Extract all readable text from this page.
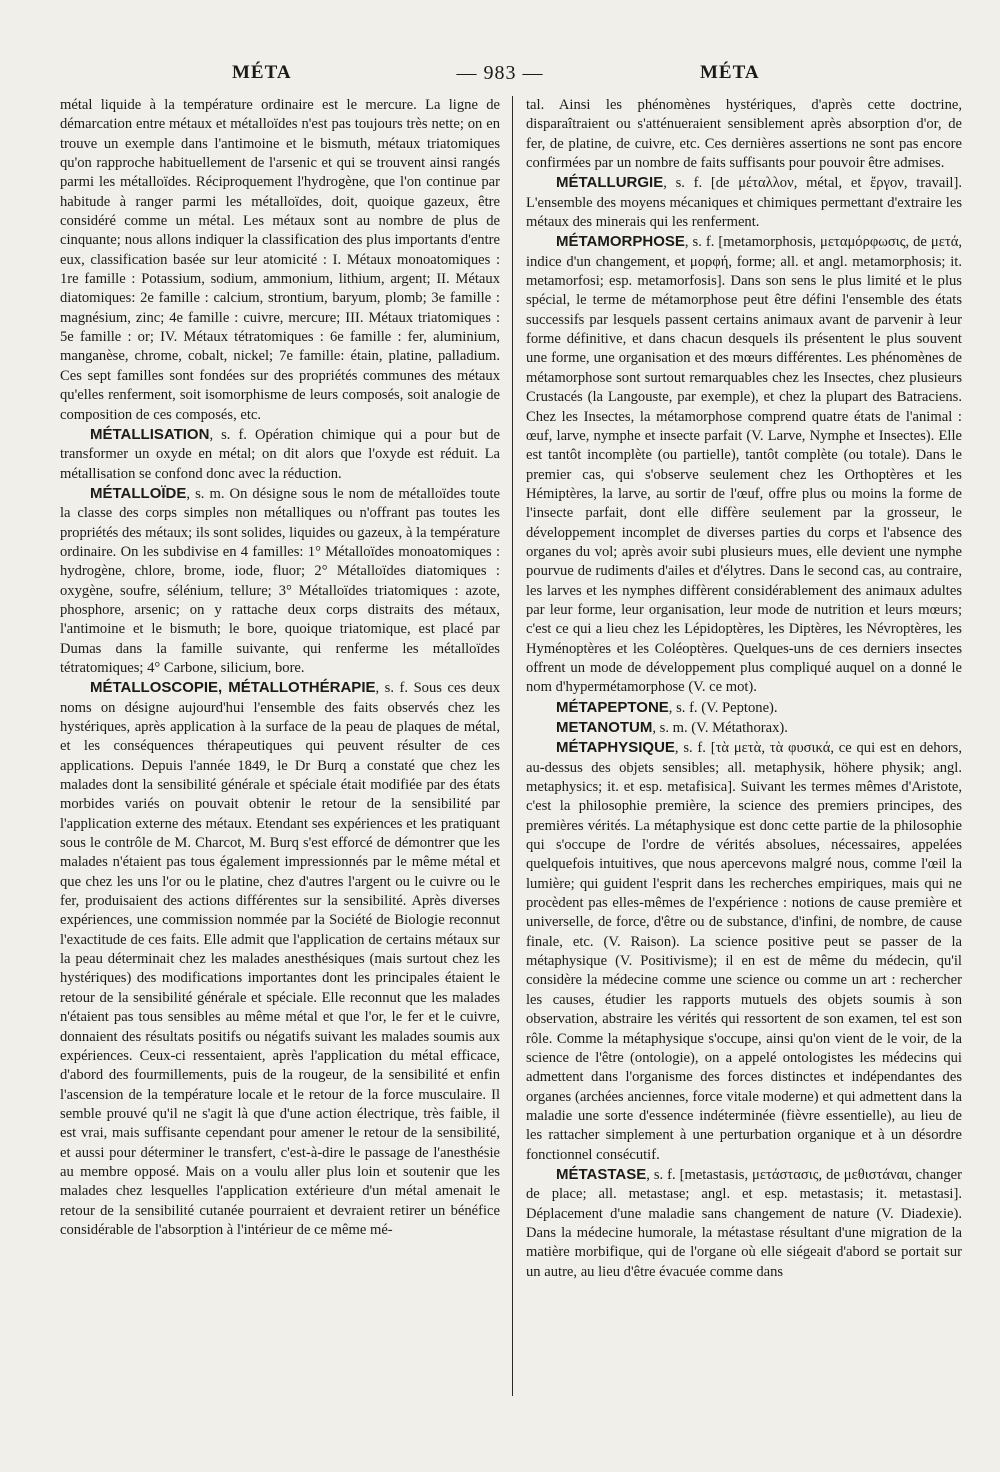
MÉTA	— 983 —	MÉTA

métal liquide à la température ordinaire est le mercure. La ligne de démarcation entre métaux et métalloïdes n'est pas toujours très nette; on en trouve un exemple dans l'antimoine et le bismuth, métaux triatomiques qu'on rapproche habituellement de l'arsenic et qui se trouvent ainsi rangés parmi les métalloïdes. Réciproquement l'hydrogène, que l'on continue par habitude à ranger parmi les métalloïdes, doit, quoique gazeux, être considéré comme un métal. Les métaux sont au nombre de plus de cinquante; nous allons indiquer la classification des plus importants d'entre eux, classification basée sur leur atomicité : I. Métaux monoatomiques : 1re famille : Potassium, sodium, ammonium, lithium, argent; II. Métaux diatomiques: 2e famille : calcium, strontium, baryum, plomb; 3e famille : magnésium, zinc; 4e famille : cuivre, mercure; III. Métaux triatomiques : 5e famille : or; IV. Métaux tétratomiques : 6e famille : fer, aluminium, manganèse, chrome, cobalt, nickel; 7e famille: étain, platine, palladium. Ces sept familles sont fondées sur des propriétés communes des métaux qu'elles renferment, soit isomorphisme de leurs composés, soit analogie de composition de ces composés, etc.

MÉTALLISATION, s. f. Opération chimique qui a pour but de transformer un oxyde en métal; on dit alors que l'oxyde est réduit. La métallisation se confond donc avec la réduction.

MÉTALLOÏDE, s. m. On désigne sous le nom de métalloïdes toute la classe des corps simples non métalliques ou n'offrant pas toutes les propriétés des métaux; ils sont solides, liquides ou gazeux, à la température ordinaire. On les subdivise en 4 familles: 1° Métalloïdes monoatomiques : hydrogène, chlore, brome, iode, fluor; 2° Métalloïdes diatomiques : oxygène, soufre, sélénium, tellure; 3° Métalloïdes triatomiques : azote, phosphore, arsenic; on y rattache deux corps distraits des métaux, l'antimoine et le bismuth; le bore, quoique triatomique, est placé par Dumas dans la famille suivante, qui renferme les métalloïdes tétratomiques; 4° Carbone, silicium, bore.

MÉTALLOSCOPIE, MÉTALLOTHÉRAPIE, s. f. Sous ces deux noms on désigne aujourd'hui l'ensemble des faits observés chez les hystériques, après application à la surface de la peau de plaques de métal, et les conséquences thérapeutiques qui peuvent résulter de ces applications. Depuis l'année 1849, le Dr Burq a constaté que chez les malades dont la sensibilité générale et spéciale était modifiée par des états morbides variés on pouvait obtenir le retour de la sensibilité par l'application externe des métaux. Etendant ses expériences et les pratiquant sous le contrôle de M. Charcot, M. Burq s'est efforcé de démontrer que les malades n'étaient pas tous également impressionnés par le même métal et que chez les uns l'or ou le platine, chez d'autres l'argent ou le cuivre ou le fer, produisaient des actions différentes sur la sensibilité. Après diverses expériences, une commission nommée par la Société de Biologie reconnut l'exactitude de ces faits. Elle admit que l'application de certains métaux sur la peau déterminait chez les malades anesthésiques (mais surtout chez les hystériques) des modifications importantes dont les principales étaient le retour de la sensibilité générale et spéciale. Elle reconnut que les malades n'étaient pas tous sensibles au même métal et que l'or, le fer et le cuivre, donnaient des résultats positifs ou négatifs suivant les malades soumis aux expériences. Ceux-ci ressentaient, après l'application du métal efficace, d'abord des fourmillements, puis de la rougeur, de la sensibilité et enfin l'ascension de la température locale et le retour de la force musculaire. Il semble prouvé qu'il ne s'agit là que d'une action électrique, très faible, il est vrai, mais suffisante cependant pour amener le retour de la sensibilité, et aussi pour déterminer le transfert, c'est-à-dire le passage de l'anesthésie au membre opposé. Mais on a voulu aller plus loin et soutenir que les malades chez lesquelles l'application extérieure d'un métal amenait le retour de la sensibilité cutanée pourraient et devraient retirer un bénéfice considérable de l'absorption à l'intérieur de ce même mé-

tal. Ainsi les phénomènes hystériques, d'après cette doctrine, disparaîtraient ou s'atténueraient sensiblement après absorption d'or, de fer, de platine, de cuivre, etc. Ces dernières assertions ne sont pas encore confirmées par un nombre de faits suffisants pour pouvoir être admises.

MÉTALLURGIE, s. f. [de μέταλλον, métal, et ἔργον, travail]. L'ensemble des moyens mécaniques et chimiques permettant d'extraire les métaux des minerais qui les renferment.

MÉTAMORPHOSE, s. f. [metamorphosis, μεταμόρφωσις, de μετά, indice d'un changement, et μορφή, forme; all. et angl. metamorphosis; it. metamorfosi; esp. metamorfosis]. Dans son sens le plus limité et le plus spécial, le terme de métamorphose peut être défini l'ensemble des états successifs par lesquels passent certains animaux avant de parvenir à leur forme définitive, et dans chacun desquels ils présentent le plus souvent une forme, une organisation et des mœurs différentes. Les phénomènes de métamorphose sont surtout remarquables chez les Insectes, chez plusieurs Crustacés (la Langouste, par exemple), et chez la plupart des Batraciens. Chez les Insectes, la métamorphose comprend quatre états de l'animal : œuf, larve, nymphe et insecte parfait (V. Larve, Nymphe et Insectes). Elle est tantôt incomplète (ou partielle), tantôt complète (ou totale). Dans le premier cas, qui s'observe seulement chez les Orthoptères et les Hémiptères, la larve, au sortir de l'œuf, offre plus ou moins la forme de l'insecte parfait, dont elle diffère seulement par la grosseur, le développement incomplet de diverses parties du corps et l'absence des organes du vol; après avoir subi plusieurs mues, elle devient une nymphe pourvue de rudiments d'ailes et d'élytres. Dans le second cas, au contraire, les larves et les nymphes diffèrent considérablement des animaux adultes par leur forme, leur organisation, leur mode de nutrition et leurs mœurs; c'est ce qui a lieu chez les Lépidoptères, les Diptères, les Névroptères, les Hyménoptères et les Coléoptères. Quelques-uns de ces derniers insectes offrent un mode de développement plus compliqué auquel on a donné le nom d'hypermétamorphose (V. ce mot).

MÉTAPEPTONE, s. f. (V. Peptone).

METANOTUM, s. m. (V. Métathorax).

MÉTAPHYSIQUE, s. f. [τὰ μετὰ, τὰ φυσικά, ce qui est en dehors, au-dessus des objets sensibles; all. metaphysik, höhere physik; angl. metaphysics; it. et esp. metafisica]. Suivant les termes mêmes d'Aristote, c'est la philosophie première, la science des premiers principes, des premières vérités. La métaphysique est donc cette partie de la philosophie qui s'occupe de l'ordre de vérités absolues, nécessaires, appelées quelquefois intuitives, que nous apercevons malgré nous, comme l'œil la lumière; qui guident l'esprit dans les recherches empiriques, mais qui ne procèdent pas elles-mêmes de l'expérience : notions de cause première et universelle, de force, d'être ou de substance, d'infini, de nombre, de cause finale, etc. (V. Raison). La science positive peut se passer de la métaphysique (V. Positivisme); il en est de même du médecin, qu'il considère la médecine comme une science ou comme un art : rechercher les causes, étudier les rapports mutuels des objets soumis à son observation, abstraire les vérités qui ressortent de son examen, tel est son rôle. Comme la métaphysique s'occupe, ainsi qu'on vient de le voir, de la science de l'être (ontologie), on a appelé ontologistes les médecins qui admettent dans l'organisme des forces distinctes et indépendantes des organes (archées anciennes, force vitale moderne) et qui admettent dans la maladie une sorte d'essence indéterminée (fièvre essentielle), au lieu de les rattacher simplement à une perturbation organique et à un désordre fonctionnel consécutif.

MÉTASTASE, s. f. [metastasis, μετάστασις, de μεθιστάναι, changer de place; all. metastase; angl. et esp. metastasis; it. metastasi]. Déplacement d'une maladie sans changement de nature (V. Diadexie). Dans la médecine humorale, la métastase résultant d'une migration de la matière morbifique, qui de l'organe où elle siégeait d'abord se portait sur un autre, au lieu d'être évacuée comme dans
